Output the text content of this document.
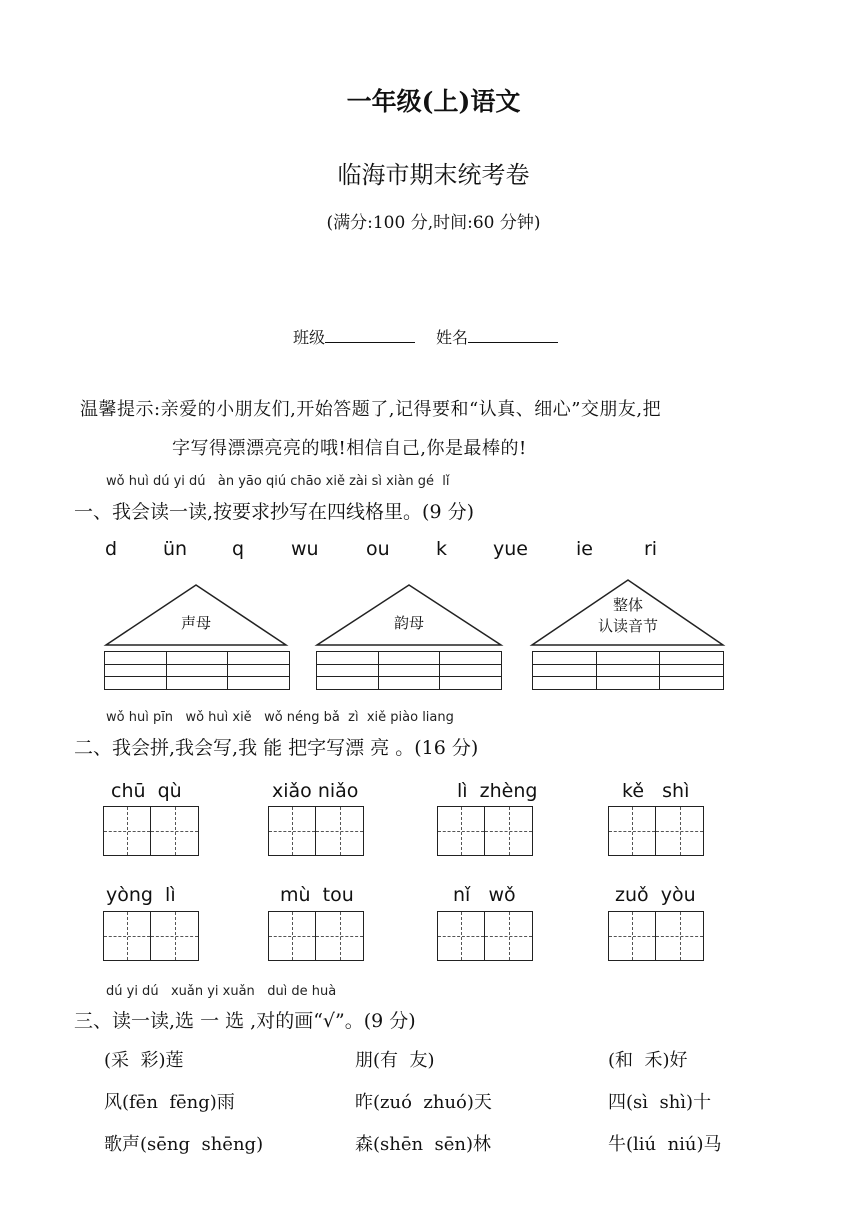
一年级(上)语文
临海市期末统考卷
(满分:100 分,时间:60 分钟)
班级	姓名
温馨提示:亲爱的小朋友们,开始答题了,记得要和“认真、细心”交朋友,把
字写得漂漂亮亮的哦!相信自己,你是最棒的!
wǒ huì dú yi dú   àn yāo qiú chāo xiě zài sì xiàn gé  lǐ
一、我会读一读,按要求抄写在四线格里。(9 分)
d ün q wu ou k yue	ie	ri
声母	韵母
整体
认读音节
wǒ huì pīn   wǒ huì xiě   wǒ néng bǎ  zì  xiě piào liang
二、我会拼,我会写,我 能 把字写漂 亮 。(16 分)
chū  qù	xiǎo niǎo	lì  zhèng	kě   shì
yòng  lì	mù  tou	nǐ   wǒ	zuǒ  yòu
dú yi dú   xuǎn yi xuǎn   duì de huà
三、读一读,选 一 选 ,对的画“√”。(9 分)
(采  彩)莲	朋(有  友)	(和  禾)好
风(fēn  fēng)雨	昨(zuó  zhuó)天	四(sì  shì)十
歌声(sēng  shēng)	森(shēn  sēn)林	牛(liú  niú)马
